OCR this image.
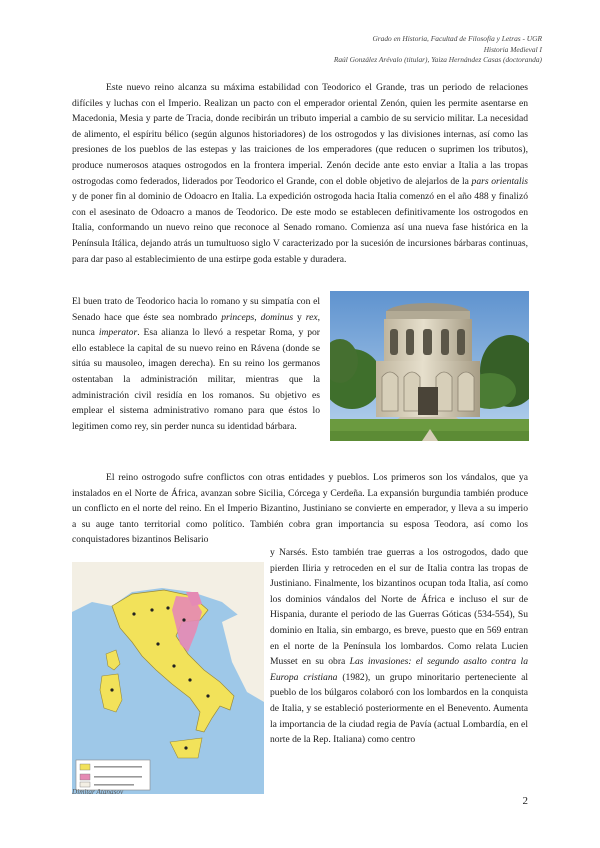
Grado en Historia, Facultad de Filosofía y Letras - UGR
Historia Medieval I
Raúl González Arévalo (titular), Yaiza Hernández Casas (doctoranda)

Este nuevo reino alcanza su máxima estabilidad con Teodorico el Grande, tras un periodo de relaciones difíciles y luchas con el Imperio. Realizan un pacto con el emperador oriental Zenón, quien les permite asentarse en Macedonia, Mesia y parte de Tracia, donde recibirán un tributo imperial a cambio de su servicio militar. La necesidad de alimento, el espíritu bélico (según algunos historiadores) de los ostrogodos y las divisiones internas, así como las presiones de los pueblos de las estepas y las traiciones de los emperadores (que reducen o suprimen los tributos), produce numerosos ataques ostrogodos en la frontera imperial. Zenón decide ante esto enviar a Italia a las tropas ostrogodas como federados, liderados por Teodorico el Grande, con el doble objetivo de alejarlos de la pars orientalis y de poner fin al dominio de Odoacro en Italia. La expedición ostrogoda hacia Italia comenzó en el año 488 y finalizó con el asesinato de Odoacro a manos de Teodorico. De este modo se establecen definitivamente los ostrogodos en Italia, conformando un nuevo reino que reconoce al Senado romano. Comienza así una nueva fase histórica en la Península Itálica, dejando atrás un tumultuoso siglo V caracterizado por la sucesión de incursiones bárbaras continuas, para dar paso al establecimiento de una estirpe goda estable y duradera.

El buen trato de Teodorico hacia lo romano y su simpatía con el Senado hace que éste sea nombrado princeps, dominus y rex, nunca imperator. Esa alianza lo llevó a respetar Roma, y por ello establece la capital de su nuevo reino en Rávena (donde se sitúa su mausoleo, imagen derecha). En su reino los germanos ostentaban la administración militar, mientras que la administración civil residía en los romanos. Su objetivo es emplear el sistema administrativo romano para que éstos lo legitimen como rey, sin perder nunca su identidad bárbara.

El reino ostrogodo sufre conflictos con otras entidades y pueblos. Los primeros son los vándalos, que ya instalados en el Norte de África, avanzan sobre Sicilia, Córcega y Cerdeña. La expansión burgundia también produce un conflicto en el norte del reino. En el Imperio Bizantino, Justiniano se convierte en emperador, y lleva a su imperio a su auge tanto territorial como político. También cobra gran importancia su esposa Teodora, así como los conquistadores bizantinos Belisario

y Narsés. Esto también trae guerras a los ostrogodos, dado que pierden Iliria y retroceden en el sur de Italia contra las tropas de Justiniano. Finalmente, los bizantinos ocupan toda Italia, así como los dominios vándalos del Norte de África e incluso el sur de Hispania, durante el periodo de las Guerras Góticas (534-554), Su dominio en Italia, sin embargo, es breve, puesto que en 569 entran en el norte de la Península los lombardos. Como relata Lucien Musset en su obra Las invasiones: el segundo asalto contra la Europa cristiana (1982), un grupo minoritario perteneciente al pueblo de los búlgaros colaboró con los lombardos en la conquista de Italia, y se estableció posteriormente en el Benevento. Aumenta la importancia de la ciudad regia de Pavía (actual Lombardía, en el norte de la Rep. Italiana) como centro

Dimitar Atanasov
2
